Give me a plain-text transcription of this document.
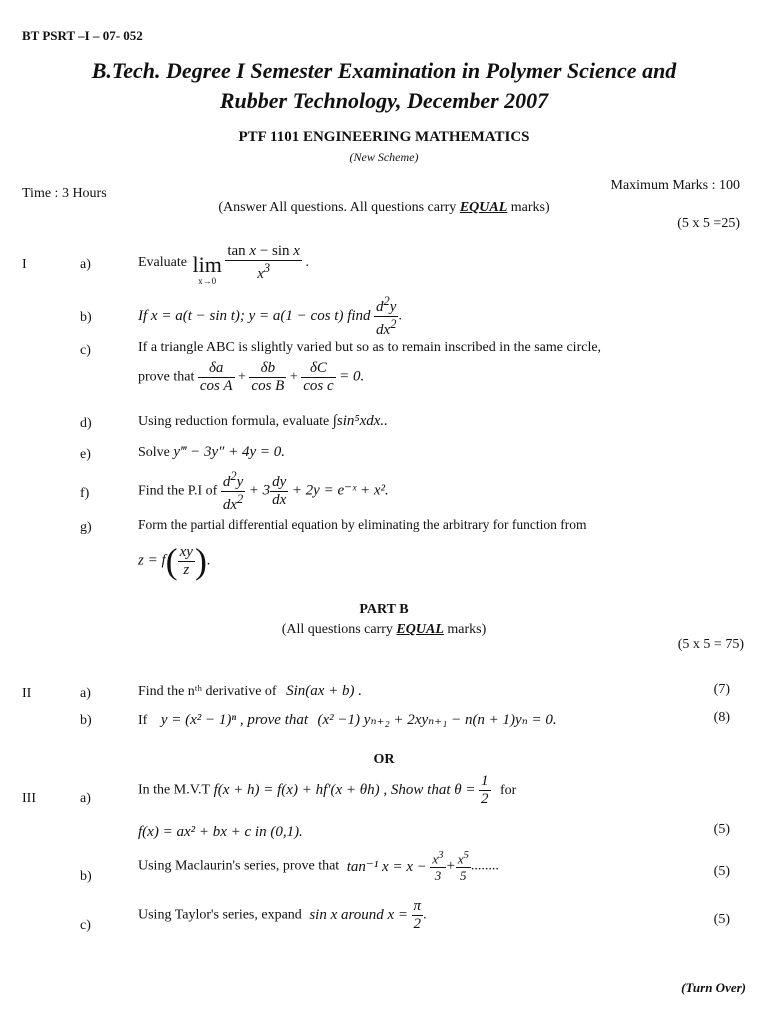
BT PSRT –I – 07- 052
B.Tech. Degree I Semester Examination in Polymer Science and
Rubber Technology, December 2007
PTF 1101 ENGINEERING MATHEMATICS
(New Scheme)
Time : 3 Hours
Maximum Marks : 100
(Answer All questions. All questions carry EQUAL marks)
(5 x 5 =25)
I	a)	Evaluate lim
x→0
$\frac{\text{tan x − sin x}}{x^3}$ .
b)	If x = a(t − sin t); y = a(1 − cos t) find $\frac{d^2y}{dx^2}$ .
c)	If a triangle ABC is slightly varied but so as to remain inscribed in the same circle,
prove that $\frac{\delta a}{\text{cos A}} + \frac{\delta b}{\text{cos B}} + \frac{\delta C}{\text{cos c}} = 0$.
d)	Using reduction formula, evaluate ∫sin⁵xdx..
e)	Solve y‴ − 3y″ + 4y = 0.
f)	Find the P.I of $\frac{d^2y}{dx^2} + 3 \frac{dy}{dx} + 2y$ = e⁻ˣ + x².
g)	Form the partial differential equation by eliminating the arbitrary for function from
$z = f( \frac{xy}{z}$ ).
PART B
(All questions carry EQUAL marks)
(5 x 5 = 75)
II	a)	Find the nᵗʰ derivative of Sin(ax + b) .	(7)
b)	If y = (x² − 1)ⁿ , prove that (x² −1) yₙ₊₂ + 2xyₙ₊₁ − n(n + 1)yₙ = 0.	(8)
OR
III	a)
In the M.V.T f(x + h) = f(x) + hf′(x + θh) , Show that $\theta = \frac{1}{2}$ for
f(x) = ax² + bx + c in (0,1).	(5)
b)
Using Maclaurin's series, prove that tan⁻¹ $x = x - \frac{x^3}{3} + \frac{x^5}{5}$ ........	(5)
c)
Using Taylor's series, expand sin x around $x = \frac{\pi}{2}$ .	(5)
(Turn Over)
